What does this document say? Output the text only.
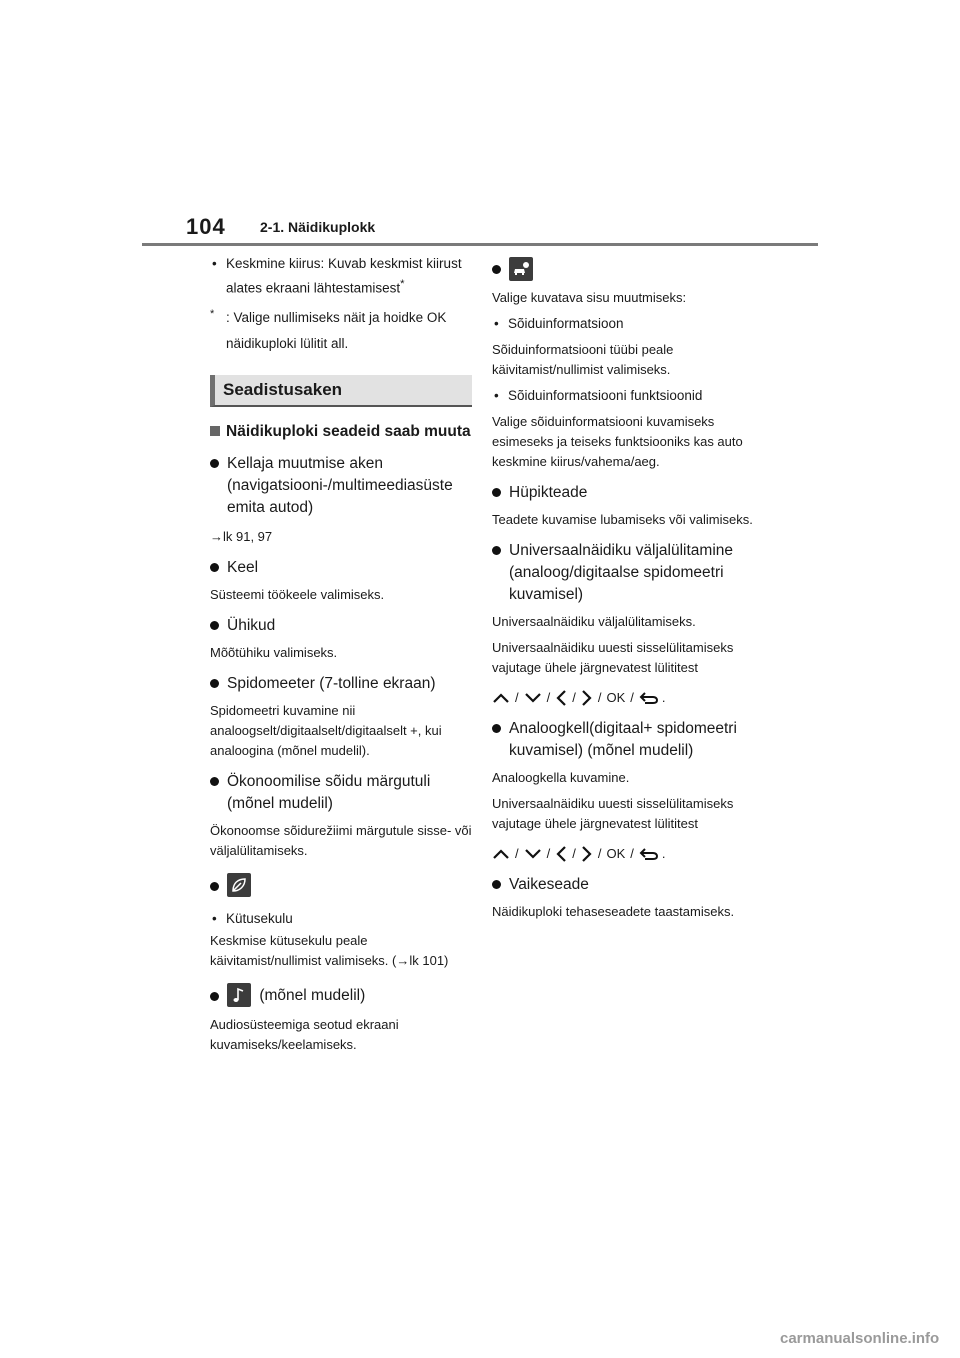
104 2-1. Näidikuplokk

• Keskmine kiirus: Kuvab keskmist kiirust alates ekraani lähtestamisest*

* : Valige nullimiseks näit ja hoidke OK näidikuploki lülitit all.

Seadistusaken

Näidikuploki seadeid saab muuta

Kellaja muutmise aken (navigatsiooni-/multimeediasüste emita autod)

→lk 91, 97

Keel

Süsteemi töökeele valimiseks.

Ühikud

Mõõtühiku valimiseks.

Spidomeeter (7-tolline ekraan)

Spidomeetri kuvamine nii analoogselt/digitaalselt/digitaalselt +, kui analoogina (mõnel mudelil).

Ökonoomilise sõidu märgutuli (mõnel mudelil)

Ökonoomse sõidurežiimi märgutule sisse- või väljalülitamiseks.

• Kütusekulu

Keskmise kütusekulu peale käivitamist/nullimist valimiseks. (→lk 101)

(mõnel mudelil)

Audiosüsteemiga seotud ekraani kuvamiseks/keelamiseks.

Valige kuvatava sisu muutmiseks:

• Sõiduinformatsioon

Sõiduinformatsiooni tüübi peale käivitamist/nullimist valimiseks.

• Sõiduinformatsiooni funktsioonid

Valige sõiduinformatsiooni kuvamiseks esimeseks ja teiseks funktsiooniks kas auto keskmine kiirus/vahema/aeg.

Hüpikteade

Teadete kuvamise lubamiseks või valimiseks.

Universaalnäidiku väljalülitamine (analoog/digitaalse spidomeetri kuvamisel)

Universaalnäidiku väljalülitamiseks.

Universaalnäidiku uuesti sisselülitamiseks vajutage ühele järgnevatest lülititest

/ / / / OK / .

Analoogkell(digitaal+ spidomeetri kuvamisel) (mõnel mudelil)

Analoogkella kuvamine.

Universaalnäidiku uuesti sisselülitamiseks vajutage ühele järgnevatest lülititest

/ / / / OK / .

Vaikeseade

Näidikuploki tehaseseadete taastamiseks.

carmanualsonline.info
